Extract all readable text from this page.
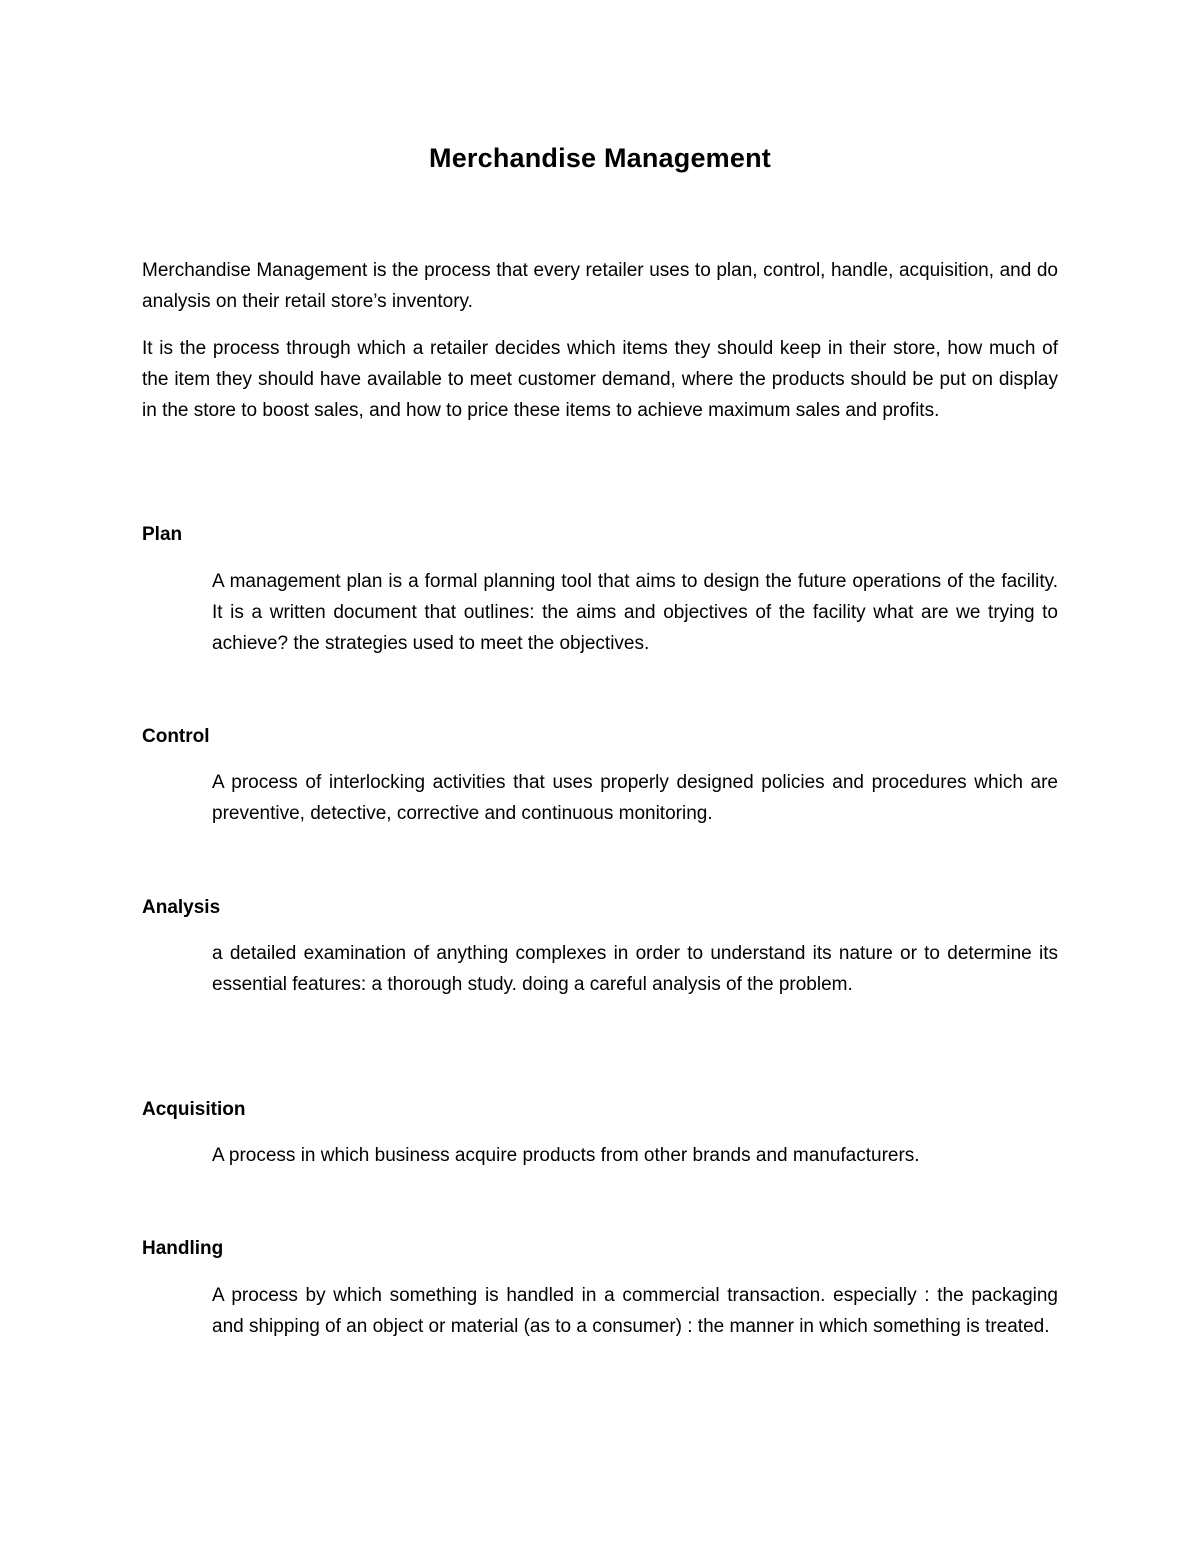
Merchandise Management

Merchandise Management is the process that every retailer uses to plan, control, handle, acquisition, and do analysis on their retail store’s inventory.

It is the process through which a retailer decides which items they should keep in their store, how much of the item they should have available to meet customer demand, where the products should be put on display in the store to boost sales, and how to price these items to achieve maximum sales and profits.

Plan

A management plan is a formal planning tool that aims to design the future operations of the facility. It is a written document that outlines: the aims and objectives of the facility what are we trying to achieve? the strategies used to meet the objectives.

Control

A process of interlocking activities that uses properly designed policies and procedures which are preventive, detective, corrective and continuous monitoring.

Analysis

a detailed examination of anything complexes in order to understand its nature or to determine its essential features: a thorough study. doing a careful analysis of the problem.

Acquisition

A process in which business acquire products from other brands and manufacturers.

Handling

A process by which something is handled in a commercial transaction. especially : the packaging and shipping of an object or material (as to a consumer) : the manner in which something is treated.
